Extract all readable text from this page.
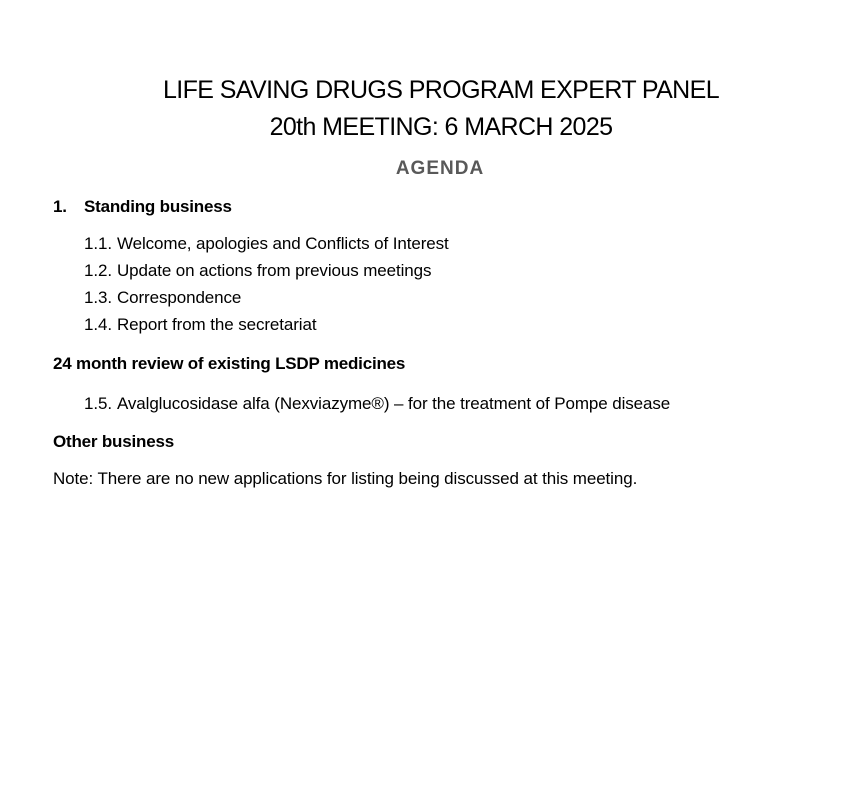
LIFE SAVING DRUGS PROGRAM EXPERT PANEL

20th MEETING: 6 MARCH 2025

AGENDA

1. Standing business

1.1. Welcome, apologies and Conflicts of Interest

1.2. Update on actions from previous meetings

1.3. Correspondence

1.4. Report from the secretariat

24 month review of existing LSDP medicines

1.5. Avalglucosidase alfa (Nexviazyme®) – for the treatment of Pompe disease

Other business

Note: There are no new applications for listing being discussed at this meeting.
